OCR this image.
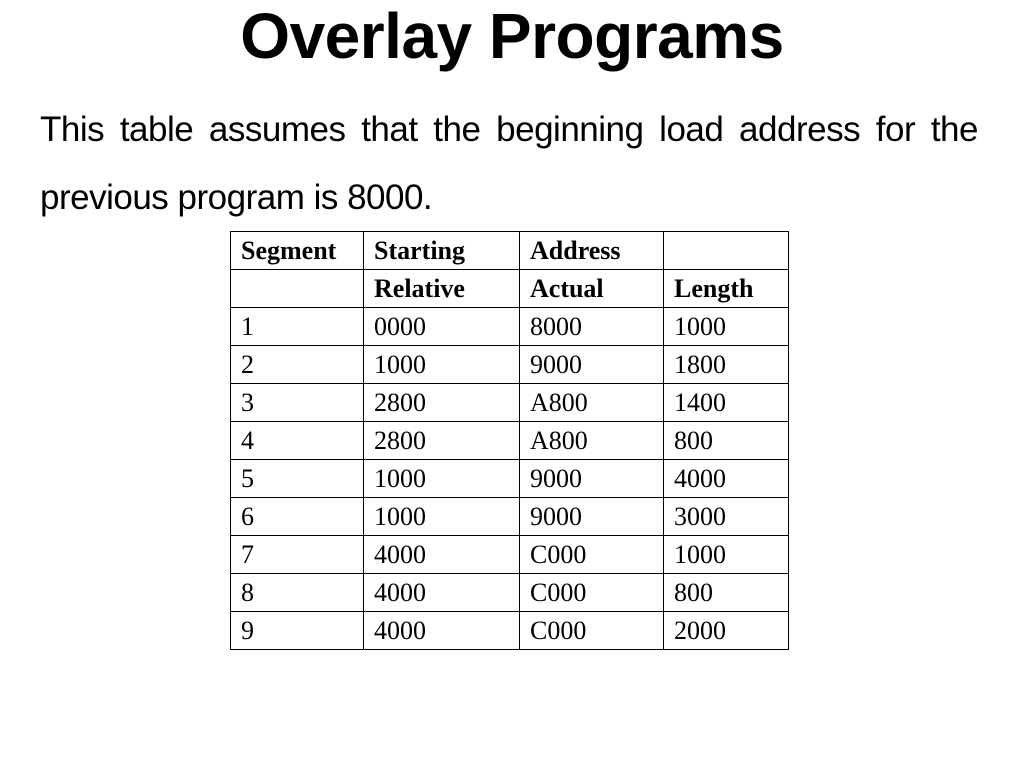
Overlay Programs

This table assumes that the beginning load address for the previous program is 8000.

Segment	Starting	Address	
	Relative	Actual	Length
1	0000	8000	1000
2	1000	9000	1800
3	2800	A800	1400
4	2800	A800	800
5	1000	9000	4000
6	1000	9000	3000
7	4000	C000	1000
8	4000	C000	800
9	4000	C000	2000
